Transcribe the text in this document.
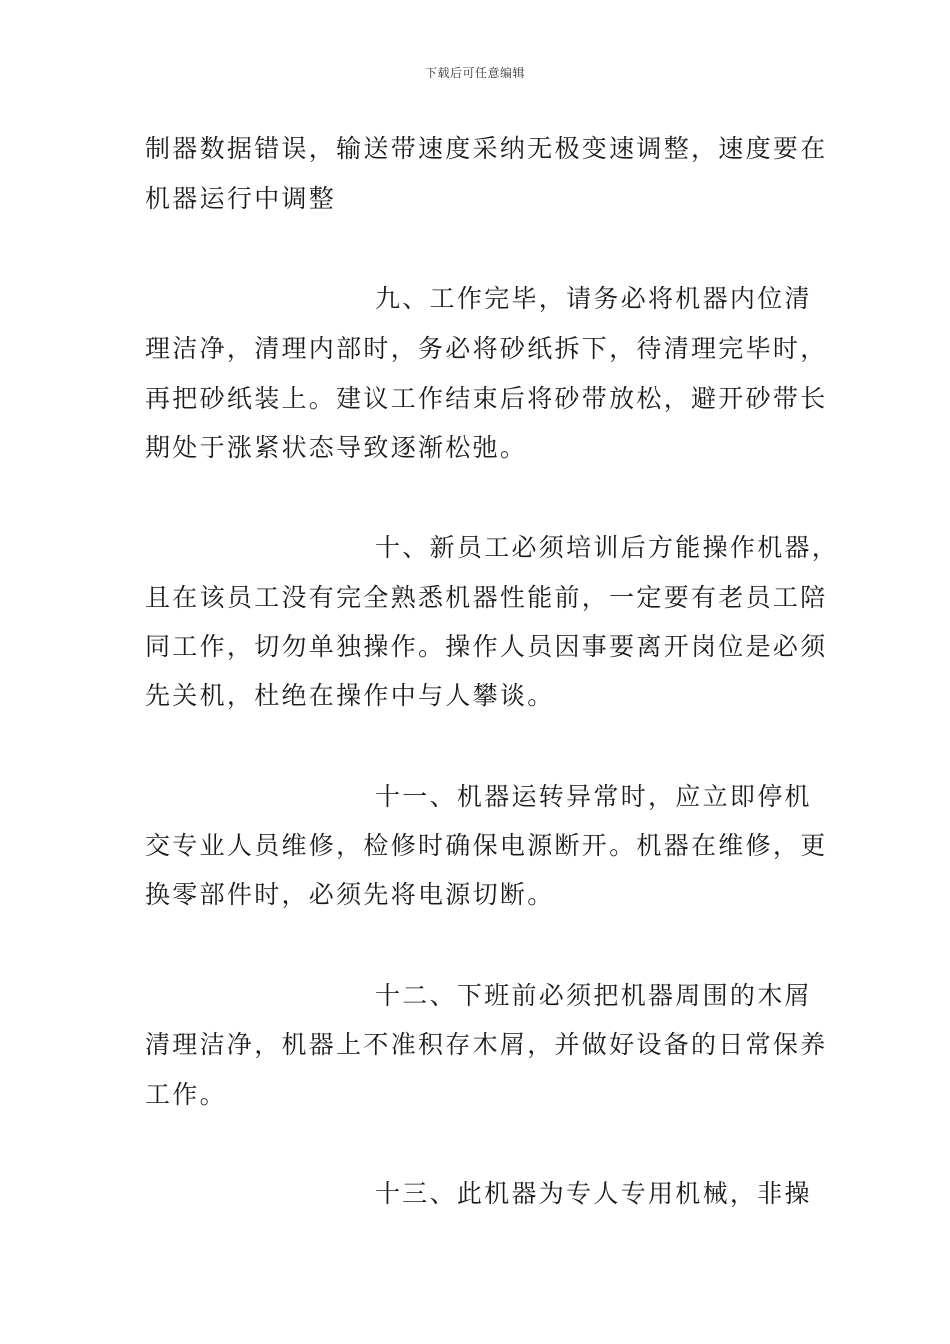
下载后可任意编辑
制器数据错误，输送带速度采纳无极变速调整，速度要在
机器运行中调整
九、工作完毕，请务必将机器内位清
理洁净，清理内部时，务必将砂纸拆下，待清理完毕时，
再把砂纸装上。建议工作结束后将砂带放松，避开砂带长
期处于涨紧状态导致逐渐松弛。
十、新员工必须培训后方能操作机器，
且在该员工没有完全熟悉机器性能前，一定要有老员工陪
同工作，切勿单独操作。操作人员因事要离开岗位是必须
先关机，杜绝在操作中与人攀谈。
十一、机器运转异常时，应立即停机
交专业人员维修，检修时确保电源断开。机器在维修，更
换零部件时，必须先将电源切断。
十二、下班前必须把机器周围的木屑
清理洁净，机器上不准积存木屑，并做好设备的日常保养
工作。
十三、此机器为专人专用机械，非操
